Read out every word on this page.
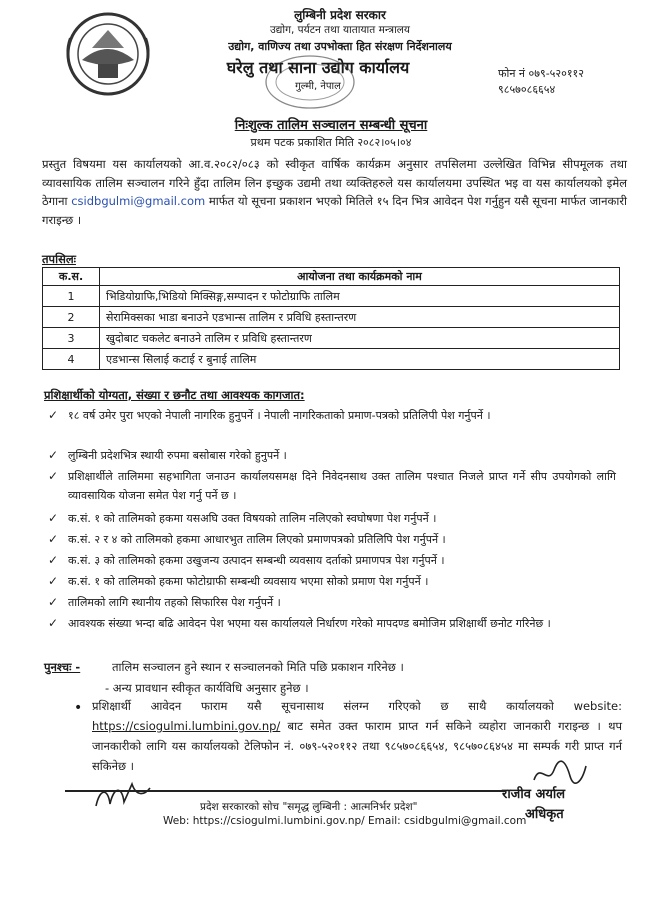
लुम्बिनी प्रदेश सरकार
उद्योग, पर्यटन तथा यातायात मन्त्रालय
उद्योग, वाणिज्य तथा उपभोक्ता हित संरक्षण निर्देशनालय
घरेलु तथा साना उद्योग कार्यालय
गुल्मी, नेपाल
फोन नं ०७९-५२०११२
९८५७०८६६५४
निःशुल्क तालिम सञ्चालन सम्बन्धी सूचना
प्रथम पटक प्रकाशित मिति २०८२।०५।०४
प्रस्तुत विषयमा यस कार्यालयको आ.व.२०८२/०८३ को स्वीकृत वार्षिक कार्यक्रम अनुसार तपसिलमा उल्लेखित विभिन्न सीपमूलक तथा व्यावसायिक तालिम सञ्चालन गरिने हुँदा तालिम लिन इच्छुक उद्यमी तथा व्यक्तिहरुले यस कार्यालयमा उपस्थित भइ वा यस कार्यालयको इमेल ठेगाना csidbgulmi@gmail.com मार्फत यो सूचना प्रकाशन भएको मितिले १५ दिन भित्र आवेदन पेश गर्नुहुन यसै सूचना मार्फत जानकारी गराइन्छ ।
तपसिलः
क.स.	आयोजना तथा कार्यक्रमको नाम
1	भिडियोग्राफि,भिडियो मिक्सिङ्ग,सम्पादन र फोटोग्राफि तालिम
2	सेरामिक्सका भाडा बनाउने एडभान्स तालिम र प्रविधि हस्तान्तरण
3	खुदोबाट चकलेट बनाउने तालिम र प्रविधि हस्तान्तरण
4	एडभान्स सिलाई कटाई र बुनाई तालिम
प्रशिक्षार्थीको योग्यता, संख्या र छनौट तथा आवश्यक कागजात:
✓ १८ वर्ष उमेर पुरा भएको नेपाली नागरिक हुनुपर्ने । नेपाली नागरिकताको प्रमाण-पत्रको प्रतिलिपी पेश गर्नुपर्ने ।
✓ लुम्बिनी प्रदेशभित्र स्थायी रुपमा बसोबास गरेको हुनुपर्ने ।
✓ प्रशिक्षार्थीले तालिममा सहभागिता जनाउन कार्यालयसमक्ष दिने निवेदनसाथ उक्त तालिम पश्चात निजले प्राप्त गर्ने सीप उपयोगको लागि व्यावसायिक योजना समेत पेश गर्नु पर्ने छ ।
✓ क.सं. १ को तालिमको हकमा यसअघि उक्त विषयको तालिम नलिएको स्वघोषणा पेश गर्नुपर्ने ।
✓ क.सं. २ र ४ को तालिमको हकमा आधारभुत तालिम लिएको प्रमाणपत्रको प्रतिलिपि पेश गर्नुपर्ने ।
✓ क.सं. ३ को तालिमको हकमा उखुजन्य उत्पादन सम्बन्धी व्यवसाय दर्ताको प्रमाणपत्र पेश गर्नुपर्ने ।
✓ क.सं. १ को तालिमको हकमा फोटोग्राफी सम्बन्धी व्यवसाय भएमा सोको प्रमाण पेश गर्नुपर्ने ।
✓ तालिमको लागि स्थानीय तहको सिफारिस पेश गर्नुपर्ने ।
✓ आवश्यक संख्या भन्दा बढि आवेदन पेश भएमा यस कार्यालयले निर्धारण गरेको मापदण्ड बमोजिम प्रशिक्षार्थी छनोट गरिनेछ ।
पुनश्चः -	तालिम सञ्चालन हुने स्थान र सञ्चालनको मिति पछि प्रकाशन गरिनेछ ।
- अन्य प्रावधान स्वीकृत कार्यविधि अनुसार हुनेछ ।
• प्रशिक्षार्थी आवेदन फाराम यसै सूचनासाथ संलग्न गरिएको छ साथै कार्यालयको website: https://csiogulmi.lumbini.gov.np/ बाट समेत उक्त फाराम प्राप्त गर्न सकिने व्यहोरा जानकारी गराइन्छ । थप जानकारीको लागि यस कार्यालयको टेलिफोन नं. ०७९-५२०११२ तथा ९८५७०८६६५४, ९८५७०८६४५४ मा सम्पर्क गरी प्राप्त गर्न सकिनेछ ।
राजीव अर्याल
अधिकृत
प्रदेश सरकारको सोच "समृद्ध लुम्बिनी : आत्मनिर्भर प्रदेश"
Web: https://csiogulmi.lumbini.gov.np/ Email: csidbgulmi@gmail.com
